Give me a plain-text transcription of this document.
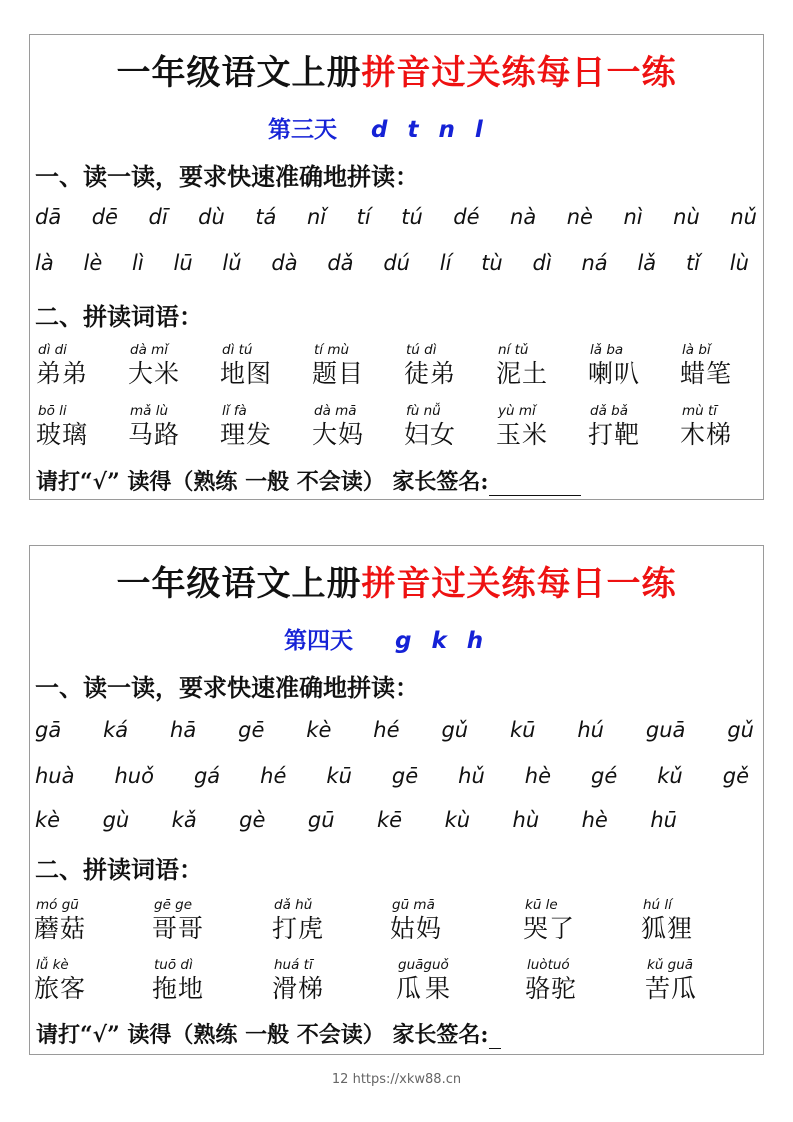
一年级语文上册拼音过关练每日一练
第三天 d t n l
一、读一读，要求快速准确地拼读：
dā dē dī dù tá nǐ tí tú dé nà nè nì nù nǔ
là lè lì lū lǔ dà dǎ dú lí tù dì ná lǎ tǐ lù
二、拼读词语：
dì di
弟弟
dà mǐ
大米
dì tú
地图
tí mù
题目
tú dì
徒弟
ní tǔ
泥土
lǎ ba
喇叭
là bǐ
蜡笔
bō li
玻璃
mǎ lù
马路
lǐ fà
理发
dà mā
大妈
fù nǚ
妇女
yù mǐ
玉米
dǎ bǎ
打靶
mù tī
木梯
请打“√” 读得（熟练 一般 不会读） 家长签名:
一年级语文上册拼音过关练每日一练
第四天 g k h
一、读一读，要求快速准确地拼读：
gā ká hā gē kè hé gǔ kū hú guā gǔ
huà huǒ gá hé kū gē hǔ hè gé kǔ gě
kè gù kǎ gè gū kē kù hù hè hū
二、拼读词语：
mó gū
蘑菇
gē ge
哥哥
dǎ hǔ
打虎
gū mā
姑妈
kū le
哭了
hú lí
狐狸
lǚ kè
旅客
tuō dì
拖地
huá tī
滑梯
guāguǒ
瓜果
luòtuó
骆驼
kǔ guā
苦瓜
请打“√” 读得（熟练 一般 不会读） 家长签名:
12 https://xkw88.cn
